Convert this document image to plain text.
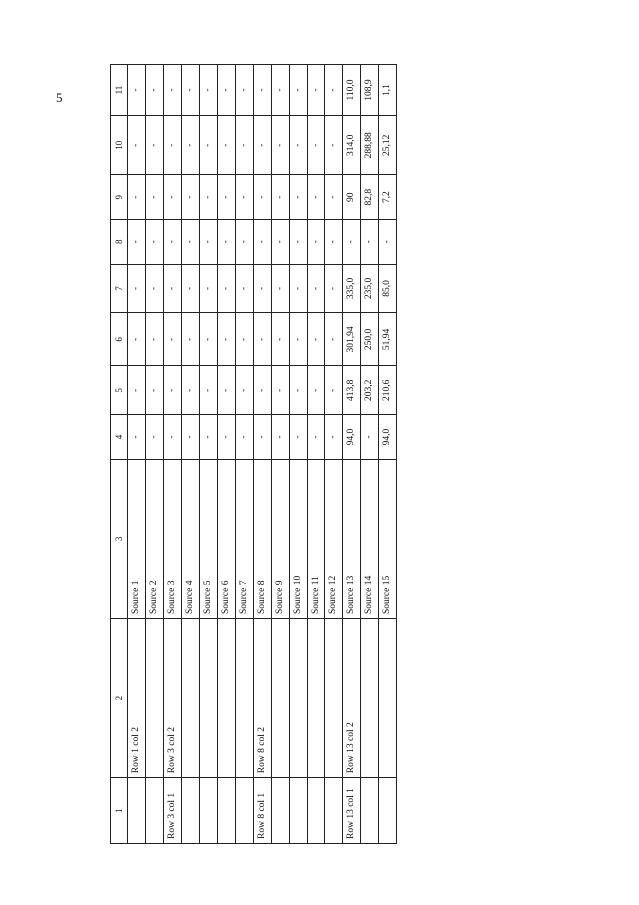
5
1	2	3	4	5	6	7	8	9	10	11
	Row 1 col 2	Source 1	-	-	-	-	-	-	-	-
		Source 2	-	-	-	-	-	-	-	-
Row 3 col 1	Row 3 col 2	Source 3	-	-	-	-	-	-	-	-
		Source 4	-	-	-	-	-	-	-	-
		Source 5	-	-	-	-	-	-	-	-
		Source 6	-	-	-	-	-	-	-	-
		Source 7	-	-	-	-	-	-	-	-
Row 8 col 1	Row 8 col 2	Source 8	-	-	-	-	-	-	-	-
		Source 9	-	-	-	-	-	-	-	-
		Source 10	-	-	-	-	-	-	-	-
		Source 11	-	-	-	-	-	-	-	-
		Source 12	-	-	-	-	-	-	-	-
Row 13 col 1	Row 13 col 2	Source 13	94,0	413,8	301,94	335,0	-	90	314,0	110,0
		Source 14	-	203,2	250,0	235,0	-	82,8	288,88	108,9
		Source 15	94,0	210,6	51,94	85,0	-	7,2	25,12	1,1
